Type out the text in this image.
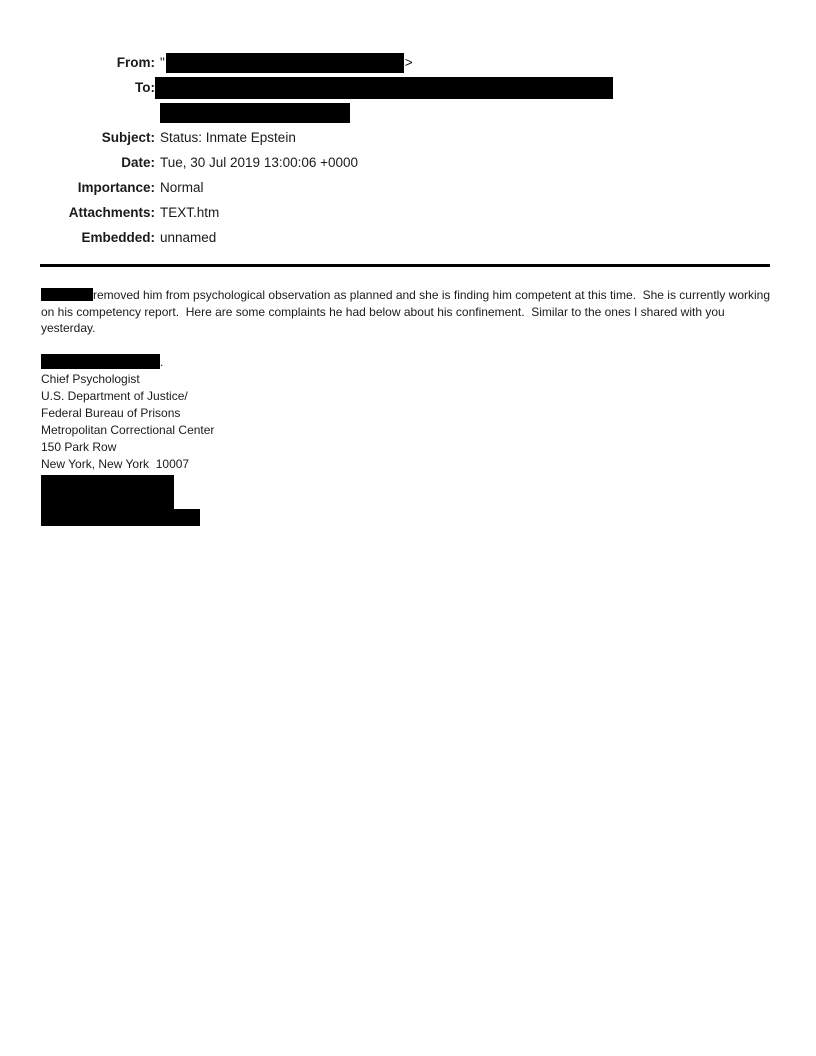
From: "	>
To:

Subject: Status: Inmate Epstein
Date: Tue, 30 Jul 2019 13:00:06 +0000
Importance: Normal
Attachments: TEXT.htm
Embedded: unnamed
removed him from psychological observation as planned and she is finding him competent at this time.  She is currently working on his competency report.  Here are some complaints he had below about his confinement.  Similar to the ones I shared with you yesterday.
.
Chief Psychologist
U.S. Department of Justice/
Federal Bureau of Prisons
Metropolitan Correctional Center
150 Park Row
New York, New York  10007
